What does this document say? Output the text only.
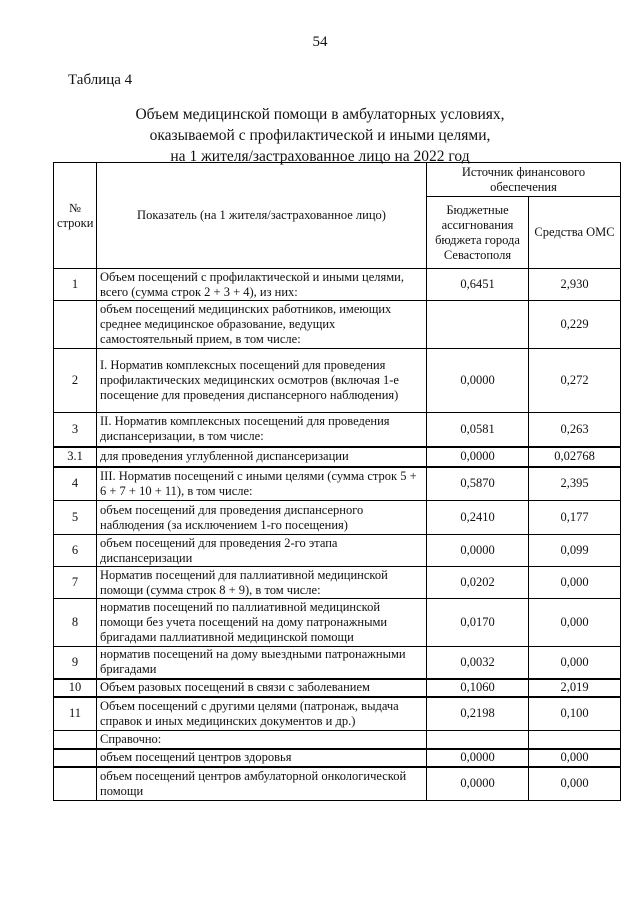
54
Таблица 4
Объем медицинской помощи в амбулаторных условиях,
оказываемой с профилактической и иными целями,
на 1 жителя/застрахованное лицо на 2022 год
№ строки	Показатель (на 1 жителя/застрахованное лицо)	Источник финансового обеспечения	
		Бюджетные ассигнования бюджета города Севастополя	Средства ОМС
1	Объем посещений с профилактической и иными целями, всего (сумма строк 2 + 3 + 4), из них:	0,6451	2,930
	объем посещений медицинских работников, имеющих среднее медицинское образование, ведущих самостоятельный прием, в том числе:		0,229
2	I. Норматив комплексных посещений для проведения профилактических медицинских осмотров (включая 1-е посещение для проведения диспансерного наблюдения)	0,0000	0,272
3	II. Норматив комплексных посещений для проведения диспансеризации, в том числе:	0,0581	0,263
3.1	для проведения углубленной диспансеризации	0,0000	0,02768
4	III. Норматив посещений с иными целями (сумма строк 5 + 6 + 7 + 10 + 11), в том числе:	0,5870	2,395
5	объем посещений для проведения диспансерного наблюдения (за исключением 1-го посещения)	0,2410	0,177
6	объем посещений для проведения 2-го этапа диспансеризации	0,0000	0,099
7	Норматив посещений для паллиативной медицинской помощи (сумма строк 8 + 9), в том числе:	0,0202	0,000
8	норматив посещений по паллиативной медицинской помощи без учета посещений на дому патронажными бригадами паллиативной медицинской помощи	0,0170	0,000
9	норматив посещений на дому выездными патронажными бригадами	0,0032	0,000
10	Объем разовых посещений в связи с заболеванием	0,1060	2,019
11	Объем посещений с другими целями (патронаж, выдача справок и иных медицинских документов и др.)	0,2198	0,100
	Справочно:		
	объем посещений центров здоровья	0,0000	0,000
	объем посещений центров амбулаторной онкологической помощи	0,0000	0,000
